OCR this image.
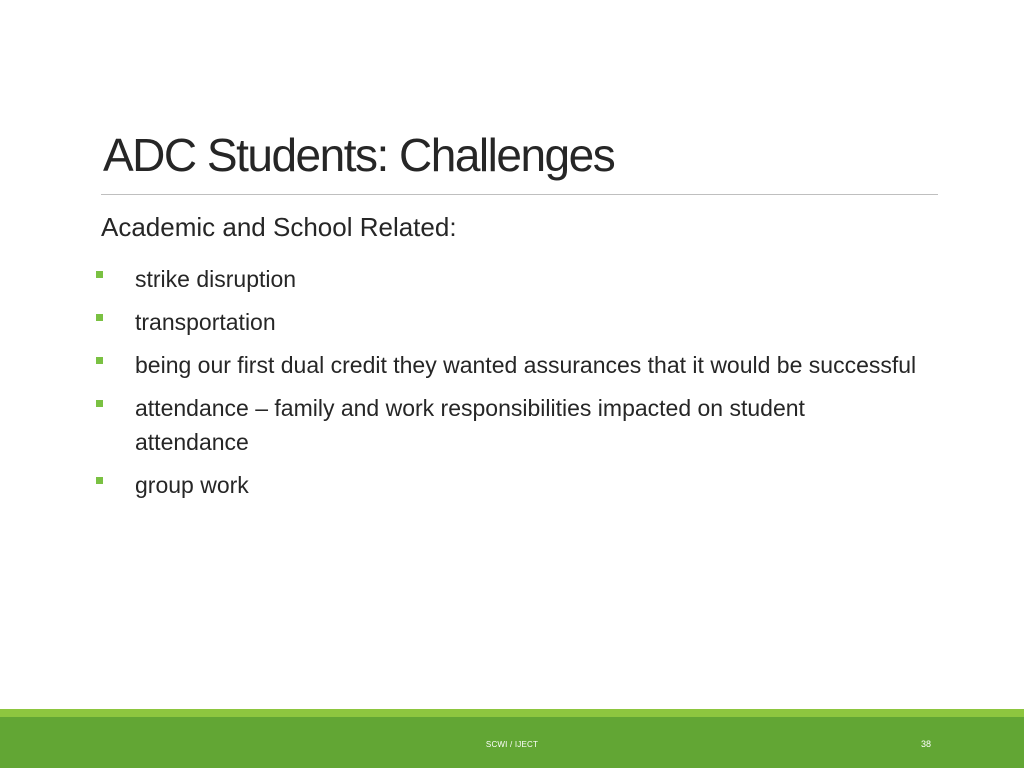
ADC Students: Challenges
Academic and School Related:
strike disruption
transportation
being our first dual credit they wanted assurances that it would be successful
attendance – family and work responsibilities impacted on student attendance
group work
SCWI / IJECT	38
